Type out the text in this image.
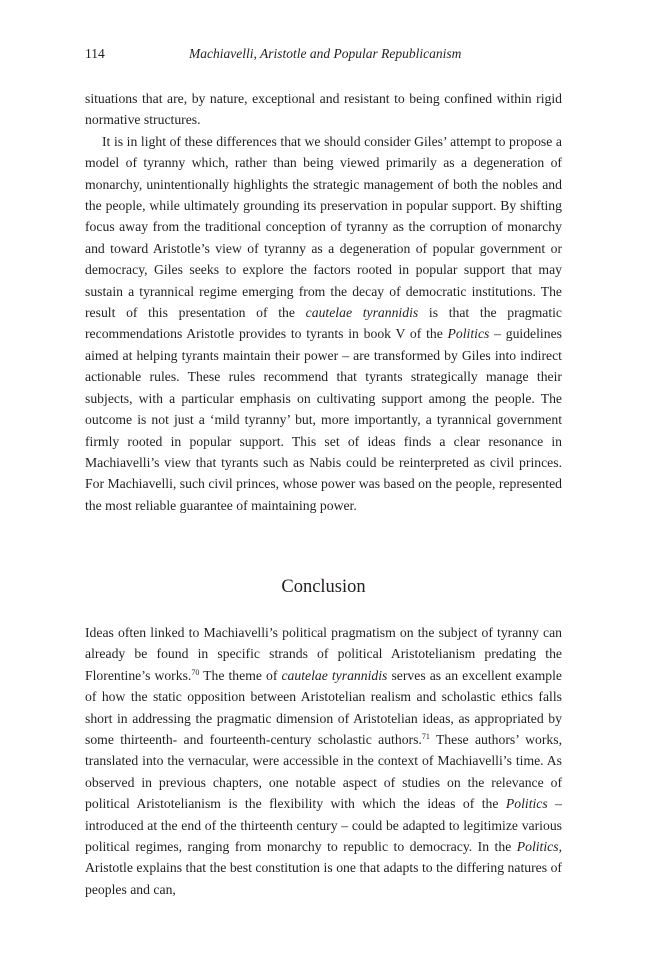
114	Machiavelli, Aristotle and Popular Republicanism

situations that are, by nature, exceptional and resistant to being confined within rigid normative structures.

It is in light of these differences that we should consider Giles’ attempt to propose a model of tyranny which, rather than being viewed primarily as a degeneration of monarchy, unintentionally highlights the strategic management of both the nobles and the people, while ultimately grounding its preservation in popular support. By shifting focus away from the traditional conception of tyranny as the corruption of monarchy and toward Aristotle’s view of tyranny as a degeneration of popular government or democracy, Giles seeks to explore the factors rooted in popular support that may sustain a tyrannical regime emerging from the decay of democratic institutions. The result of this presentation of the cautelae tyrannidis is that the pragmatic recommendations Aristotle provides to tyrants in book V of the Politics – guidelines aimed at helping tyrants maintain their power – are transformed by Giles into indirect actionable rules. These rules recommend that tyrants strategically manage their subjects, with a particular emphasis on cultivating support among the people. The outcome is not just a ‘mild tyranny’ but, more importantly, a tyrannical government firmly rooted in popular support. This set of ideas finds a clear resonance in Machiavelli’s view that tyrants such as Nabis could be reinterpreted as civil princes. For Machiavelli, such civil princes, whose power was based on the people, represented the most reliable guarantee of maintaining power.

Conclusion

Ideas often linked to Machiavelli’s political pragmatism on the subject of tyranny can already be found in specific strands of political Aristotelianism predating the Florentine’s works.$^{70}$ The theme of cautelae tyrannidis serves as an excellent example of how the static opposition between Aristotelian realism and scholastic ethics falls short in addressing the pragmatic dimension of Aristotelian ideas, as appropriated by some thirteenth- and fourteenth-century scholastic authors.$^{71}$ These authors’ works, translated into the vernacular, were accessible in the context of Machiavelli’s time. As observed in previous chapters, one notable aspect of studies on the relevance of political Aristotelianism is the flexibility with which the ideas of the Politics – introduced at the end of the thirteenth century – could be adapted to legitimize various political regimes, ranging from monarchy to republic to democracy. In the Politics, Aristotle explains that the best constitution is one that adapts to the differing natures of peoples and can,
